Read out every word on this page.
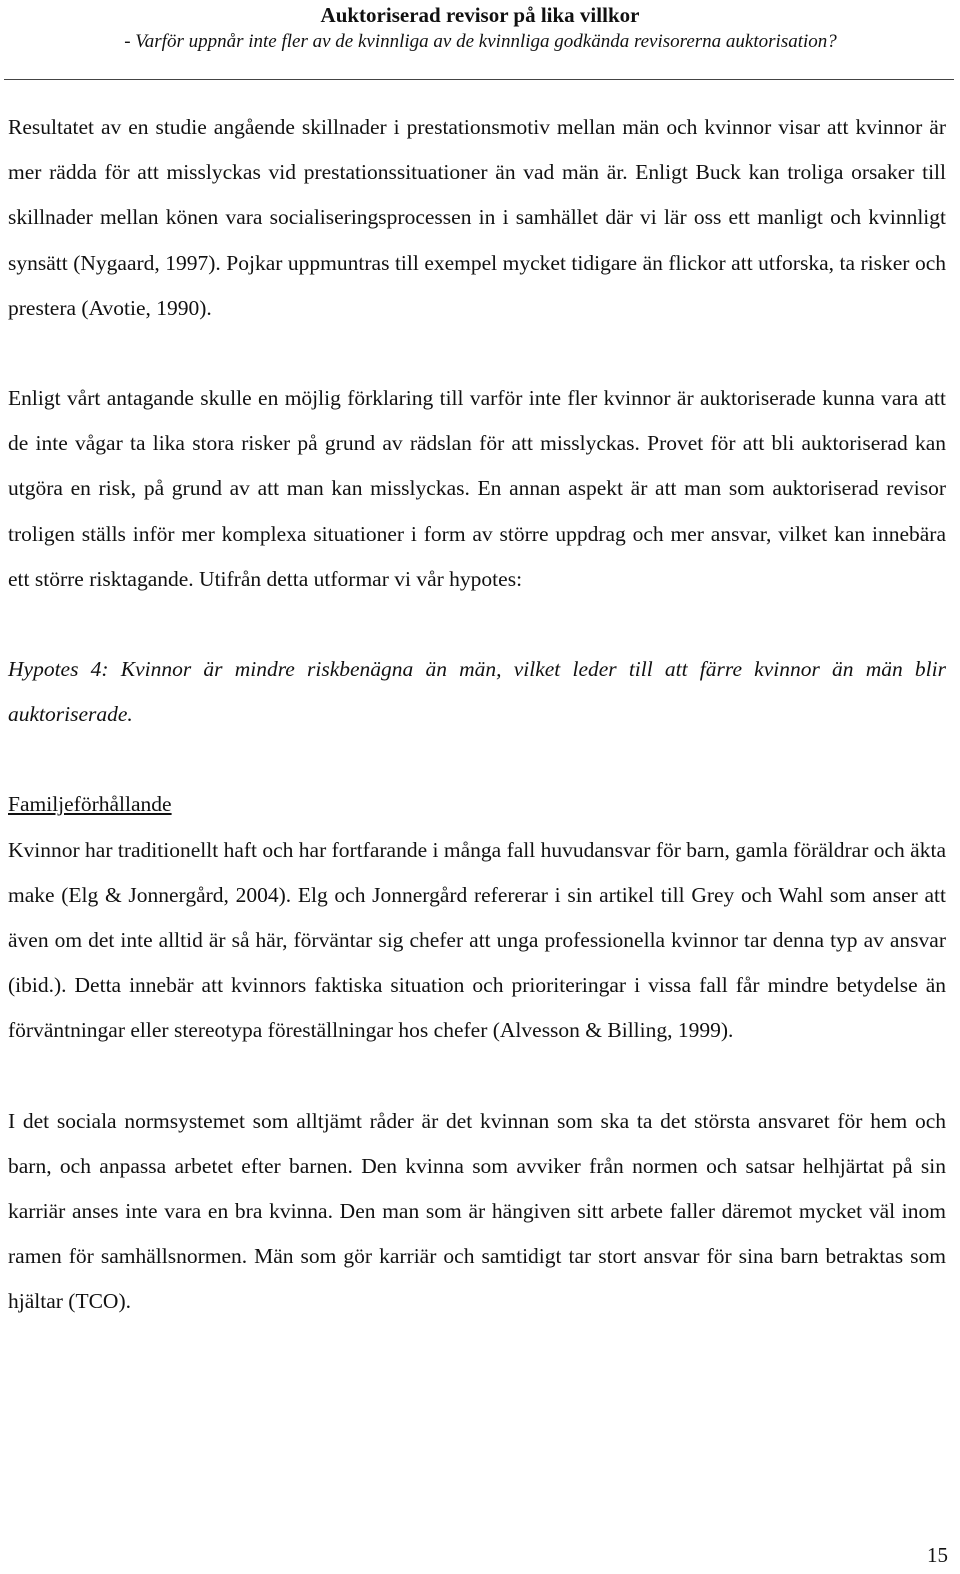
Auktoriserad revisor på lika villkor
- Varför uppnår inte fler av de kvinnliga av de kvinnliga godkända revisorerna auktorisation?

Resultatet av en studie angående skillnader i prestationsmotiv mellan män och kvinnor visar att kvinnor är mer rädda för att misslyckas vid prestationssituationer än vad män är. Enligt Buck kan troliga orsaker till skillnader mellan könen vara socialiseringsprocessen in i samhället där vi lär oss ett manligt och kvinnligt synsätt (Nygaard, 1997). Pojkar uppmuntras till exempel mycket tidigare än flickor att utforska, ta risker och prestera (Avotie, 1990).

Enligt vårt antagande skulle en möjlig förklaring till varför inte fler kvinnor är auktoriserade kunna vara att de inte vågar ta lika stora risker på grund av rädslan för att misslyckas. Provet för att bli auktoriserad kan utgöra en risk, på grund av att man kan misslyckas. En annan aspekt är att man som auktoriserad revisor troligen ställs inför mer komplexa situationer i form av större uppdrag och mer ansvar, vilket kan innebära ett större risktagande. Utifrån detta utformar vi vår hypotes:

Hypotes 4: Kvinnor är mindre riskbenägna än män, vilket leder till att färre kvinnor än män blir auktoriserade.

Familjeförhållande

Kvinnor har traditionellt haft och har fortfarande i många fall huvudansvar för barn, gamla föräldrar och äkta make (Elg & Jonnergård, 2004). Elg och Jonnergård refererar i sin artikel till Grey och Wahl som anser att även om det inte alltid är så här, förväntar sig chefer att unga professionella kvinnor tar denna typ av ansvar (ibid.). Detta innebär att kvinnors faktiska situation och prioriteringar i vissa fall får mindre betydelse än förväntningar eller stereotypa föreställningar hos chefer (Alvesson & Billing, 1999).

I det sociala normsystemet som alltjämt råder är det kvinnan som ska ta det största ansvaret för hem och barn, och anpassa arbetet efter barnen. Den kvinna som avviker från normen och satsar helhjärtat på sin karriär anses inte vara en bra kvinna. Den man som är hängiven sitt arbete faller däremot mycket väl inom ramen för samhällsnormen. Män som gör karriär och samtidigt tar stort ansvar för sina barn betraktas som hjältar (TCO).

15
